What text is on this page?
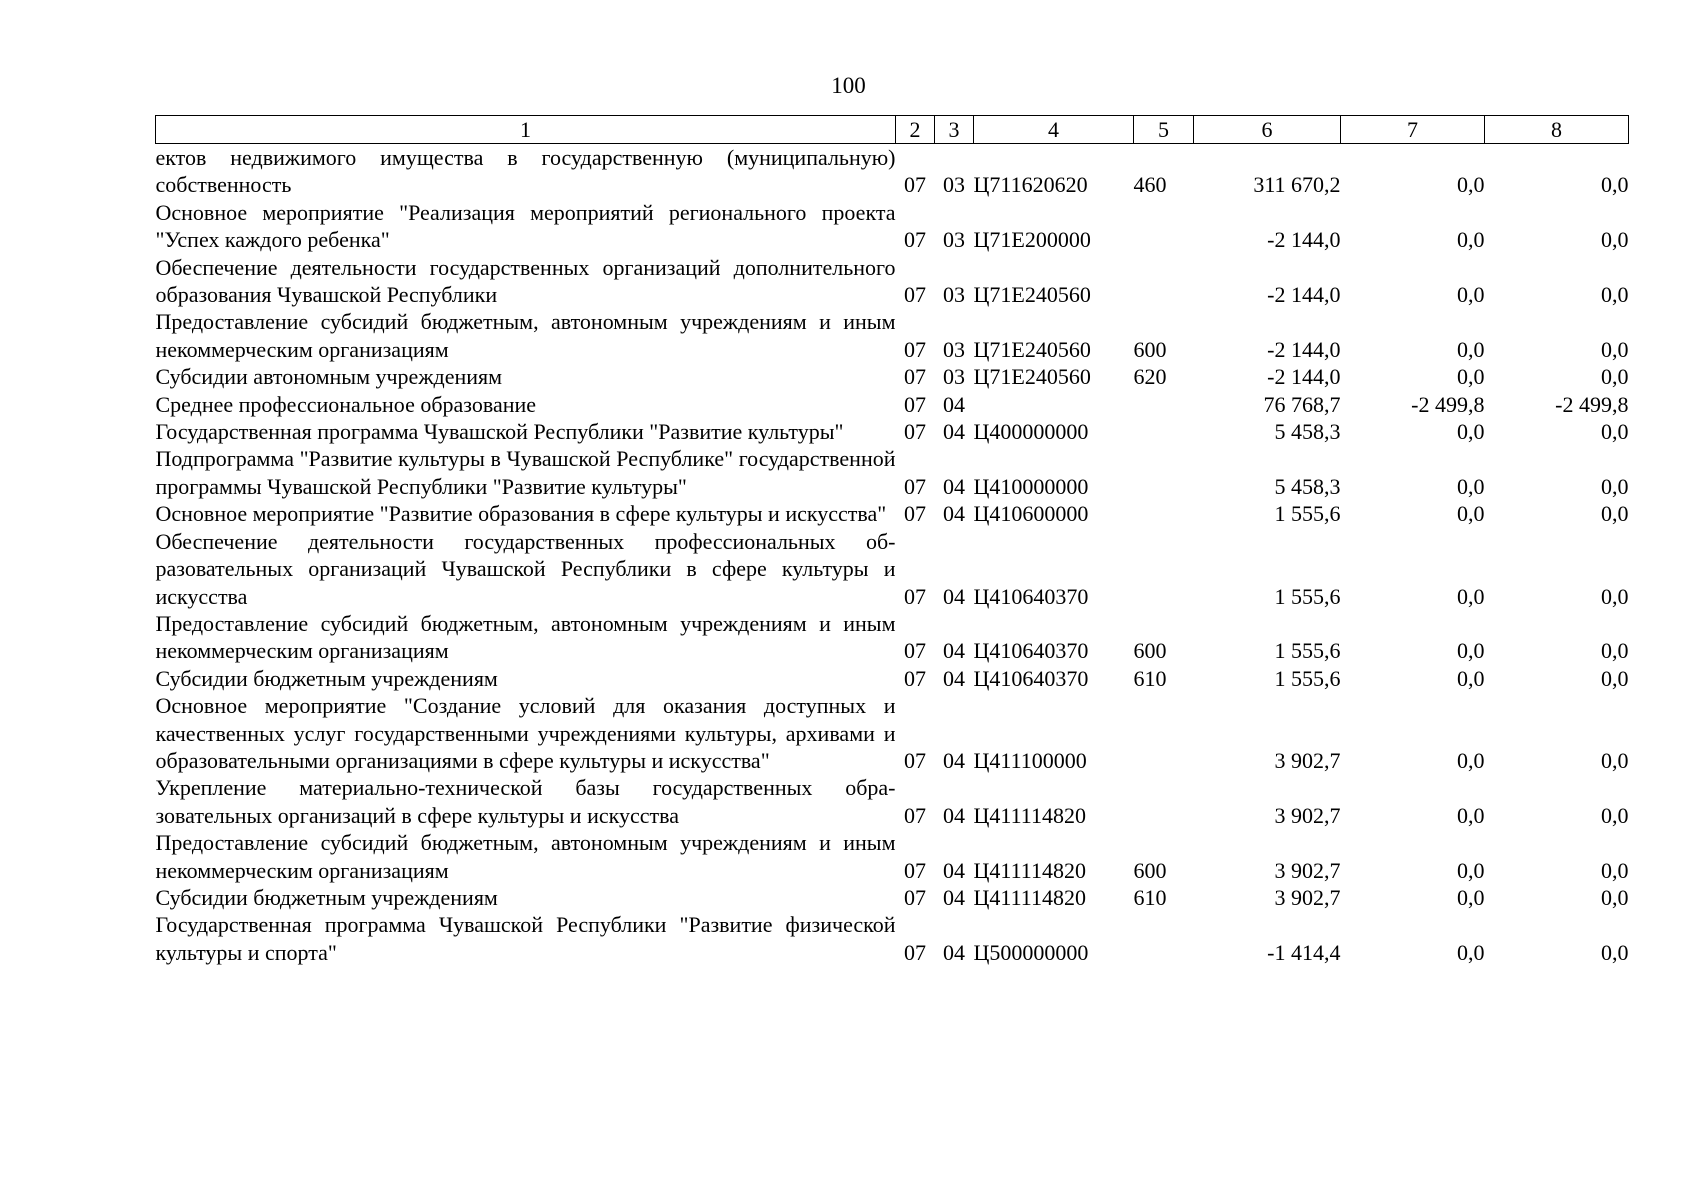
100
1	2	3	4	5	6	7	8
ектов недвижимого имущества в государственную (муниципальную) собственность	07	03	Ц711620620	460	311 670,2	0,0	0,0
Основное мероприятие "Реализация мероприятий регионального проекта "Успех каждого ребенка"	07	03	Ц71E200000		-2 144,0	0,0	0,0
Обеспечение деятельности государственных организаций дополнительного образования Чувашской Республики	07	03	Ц71E240560		-2 144,0	0,0	0,0
Предоставление субсидий бюджетным, автономным учреждениям и иным некоммерческим организациям	07	03	Ц71E240560	600	-2 144,0	0,0	0,0
Субсидии автономным учреждениям	07	03	Ц71E240560	620	-2 144,0	0,0	0,0
Среднее профессиональное образование	07	04			76 768,7	-2 499,8	-2 499,8
Государственная программа Чувашской Республики "Развитие культуры"	07	04	Ц400000000		5 458,3	0,0	0,0
Подпрограмма "Развитие культуры в Чувашской Республике" государственной программы Чувашской Республики "Развитие культуры"	07	04	Ц410000000		5 458,3	0,0	0,0
Основное мероприятие "Развитие образования в сфере культуры и искусства"	07	04	Ц410600000		1 555,6	0,0	0,0
Обеспечение деятельности государственных профессиональных образовательных организаций Чувашской Республики в сфере культуры и искусства	07	04	Ц410640370		1 555,6	0,0	0,0
Предоставление субсидий бюджетным, автономным учреждениям и иным некоммерческим организациям	07	04	Ц410640370	600	1 555,6	0,0	0,0
Субсидии бюджетным учреждениям	07	04	Ц410640370	610	1 555,6	0,0	0,0
Основное мероприятие "Создание условий для оказания доступных и качественных услуг государственными учреждениями культуры, архивами и образовательными организациями в сфере культуры и искусства"	07	04	Ц411100000		3 902,7	0,0	0,0
Укрепление материально-технической базы государственных образовательных организаций в сфере культуры и искусства	07	04	Ц411114820		3 902,7	0,0	0,0
Предоставление субсидий бюджетным, автономным учреждениям и иным некоммерческим организациям	07	04	Ц411114820	600	3 902,7	0,0	0,0
Субсидии бюджетным учреждениям	07	04	Ц411114820	610	3 902,7	0,0	0,0
Государственная программа Чувашской Республики "Развитие физической культуры и спорта"	07	04	Ц500000000		-1 414,4	0,0	0,0
